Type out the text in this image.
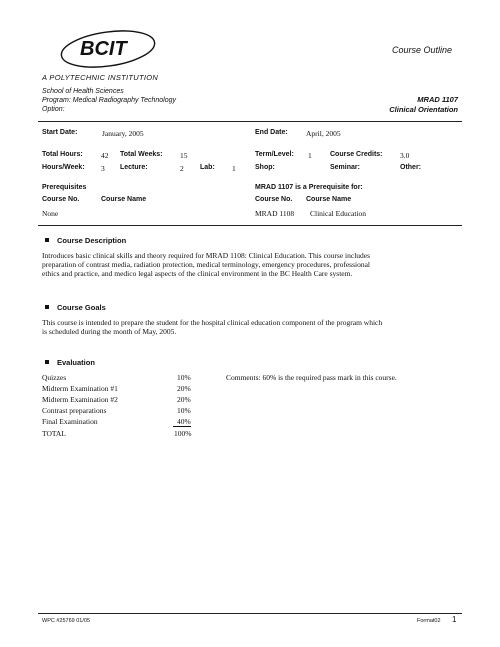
BCIT
A POLYTECHNIC INSTITUTION
Course Outline
School of Health Sciences
Program: Medical Radiography Technology
Option:
MRAD 1107
Clinical Orientation
Start Date:	January, 2005	End Date: April, 2005
Total Hours: 42 Total Weeks: 15	Term/Level: 1	Course Credits: 3.0
Hours/Week: 3 Lecture:	2 Lab: 1	Shop:	Seminar:	Other:
Prerequisites
Course No.	Course Name
None
MRAD 1107 is a Prerequisite for:
Course No. Course Name
MRAD 1108 Clinical Education
Course Description
Introduces basic clinical skills and theory required for MRAD 1108: Clinical Education. This course includes
preparation of contrast media, radiation protection, medical terminology, emergency procedures, professional
ethics and practice, and medico legal aspects of the clinical environment in the BC Health Care system.
Course Goals
This course is intended to prepare the student for the hospital clinical education component of the program which
is scheduled during the month of May, 2005.
Evaluation
Quizzes	10%
Midterm Examination #1	20%
Midterm Examination #2	20%
Contrast preparations	10%
Final Examination	40%
TOTAL	100%
Comments: 60% is the required pass mark in this course.
WPC #25769 01/05	Format02 1
